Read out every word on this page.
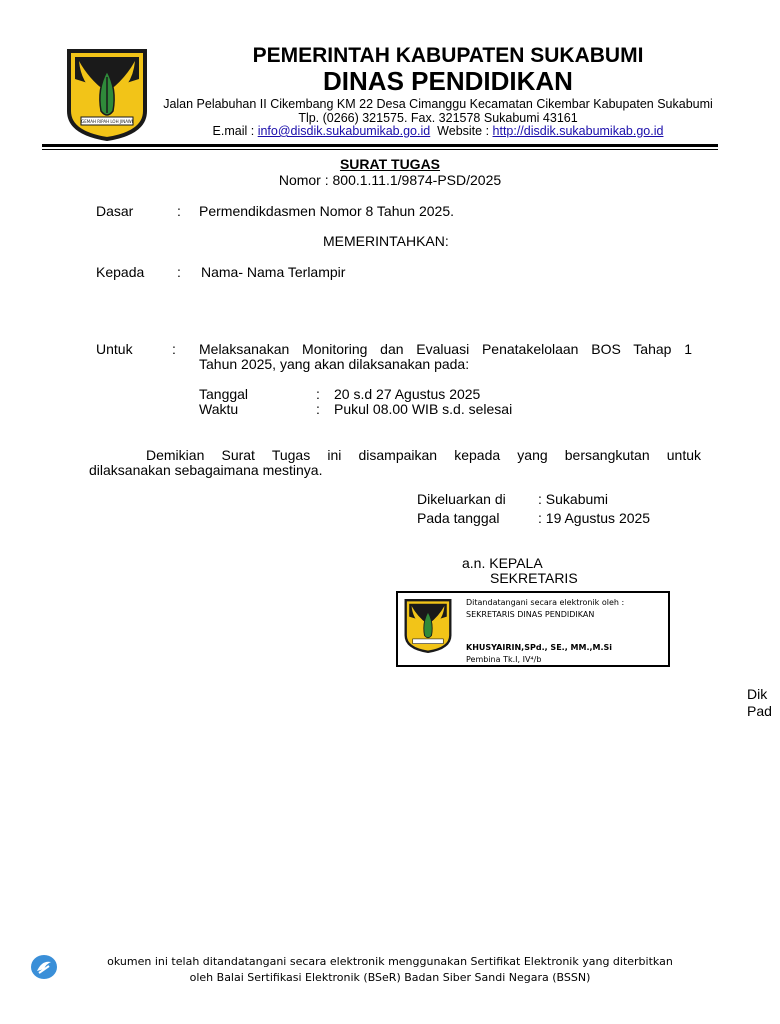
GEMAH RIPAH LOH JINAWI
PEMERINTAH KABUPATEN SUKABUMI
DINAS PENDIDIKAN
Jalan Pelabuhan II Cikembang KM 22 Desa Cimanggu Kecamatan Cikembar Kabupaten Sukabumi
Tlp. (0266) 321575. Fax. 321578 Sukabumi 43161
E.mail : info@disdik.sukabumikab.go.id  Website : http://disdik.sukabumikab.go.id
SURAT TUGAS
Nomor : 800.1.11.1/9874-PSD/2025
Dasar	: Permendikdasmen Nomor 8 Tahun 2025.
MEMERINTAHKAN:
Kepada : Nama- Nama Terlampir
Untuk	: Melaksanakan Monitoring dan Evaluasi Penatakelolaan BOS Tahap 1
Tahun 2025, yang akan dilaksanakan pada:
Tanggal	: 20 s.d 27 Agustus 2025
Waktu	: Pukul 08.00 WIB s.d. selesai
Demikian Surat Tugas ini disampaikan kepada yang bersangkutan untuk
dilaksanakan sebagaimana mestinya.
Dikeluarkan di : Sukabumi
Pada tanggal	: 19 Agustus 2025
a.n. KEPALA
SEKRETARIS
Ditandatangani secara elektronik oleh :
SEKRETARIS DINAS PENDIDIKAN
KHUSYAIRIN,SPd., SE., MM.,M.Si
Pembina Tk.I, IV⁴/b
Dik
Pad
okumen ini telah ditandatangani secara elektronik menggunakan Sertifikat Elektronik yang diterbitkan
oleh Balai Sertifikasi Elektronik (BSeR) Badan Siber Sandi Negara (BSSN)
